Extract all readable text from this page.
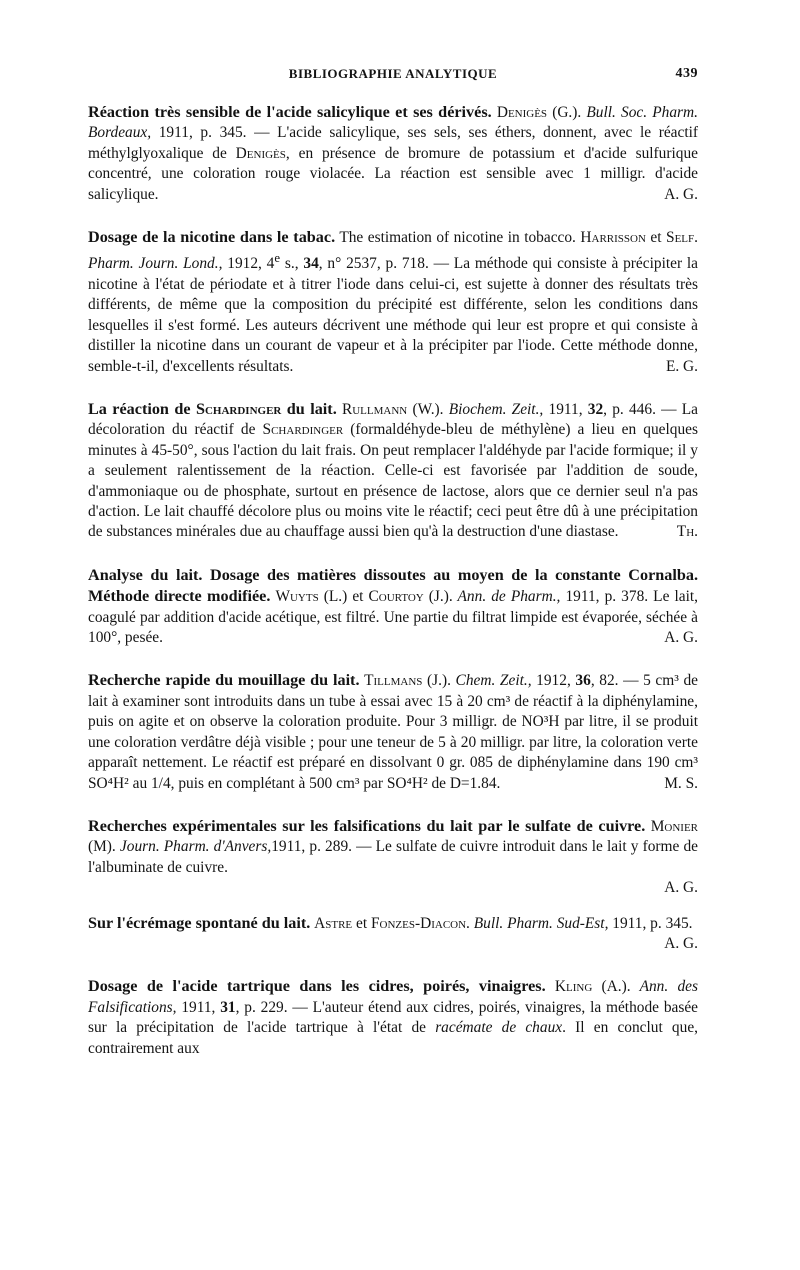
BIBLIOGRAPHIE ANALYTIQUE	439
Réaction très sensible de l'acide salicylique et ses dérivés. Denigès (G.). Bull. Soc. Pharm. Bordeaux, 1911, p. 345. — L'acide salicylique, ses sels, ses éthers, donnent, avec le réactif méthylglyoxalique de Denigès, en présence de bromure de potassium et d'acide sulfurique concentré, une coloration rouge violacée. La réaction est sensible avec 1 milligr. d'acide salicylique.	A. G.
Dosage de la nicotine dans le tabac. The estimation of nicotine in tobacco. Harrisson et Self. Pharm. Journ. Lond., 1912, 4e s., 34, n° 2537, p. 718. — La méthode qui consiste à précipiter la nicotine à l'état de périodate et à titrer l'iode dans celui-ci, est sujette à donner des résultats très différents, de même que la composition du précipité est différente, selon les conditions dans lesquelles il s'est formé. Les auteurs décrivent une méthode qui leur est propre et qui consiste à distiller la nicotine dans un courant de vapeur et à la précipiter par l'iode. Cette méthode donne, semble-t-il, d'excellents résultats.	E. G.
La réaction de Schardinger du lait. Rullmann (W.). Biochem. Zeit., 1911, 32, p. 446. — La décoloration du réactif de Schardinger (formaldéhyde-bleu de méthylène) a lieu en quelques minutes à 45-50°, sous l'action du lait frais. On peut remplacer l'aldéhyde par l'acide formique; il y a seulement ralentissement de la réaction. Celle-ci est favorisée par l'addition de soude, d'ammoniaque ou de phosphate, surtout en présence de lactose, alors que ce dernier seul n'a pas d'action. Le lait chauffé décolore plus ou moins vite le réactif; ceci peut être dû à une précipitation de substances minérales due au chauffage aussi bien qu'à la destruction d'une diastase.	Th.
Analyse du lait. Dosage des matières dissoutes au moyen de la constante Cornalba. Méthode directe modifiée. Wuyts (L.) et Courtoy (J.). Ann. de Pharm., 1911, p. 378. Le lait, coagulé par addition d'acide acétique, est filtré. Une partie du filtrat limpide est évaporée, séchée à 100°, pesée.	A. G.
Recherche rapide du mouillage du lait. Tillmans (J.). Chem. Zeit., 1912, 36, 82. — 5 cm³ de lait à examiner sont introduits dans un tube à essai avec 15 à 20 cm³ de réactif à la diphénylamine, puis on agite et on observe la coloration produite. Pour 3 milligr. de NO³H par litre, il se produit une coloration verdâtre déjà visible ; pour une teneur de 5 à 20 milligr. par litre, la coloration verte apparaît nettement. Le réactif est préparé en dissolvant 0 gr. 085 de diphénylamine dans 190 cm³ SO⁴H² au 1/4, puis en complétant à 500 cm³ par SO⁴H² de D=1.84.	M. S.
Recherches expérimentales sur les falsifications du lait par le sulfate de cuivre. Monier (M). Journ. Pharm. d'Anvers,1911, p. 289. — Le sulfate de cuivre introduit dans le lait y forme de l'albuminate de cuivre.
A. G.
Sur l'écrémage spontané du lait. Astre et Fonzes-Diacon. Bull. Pharm. Sud-Est, 1911, p. 345.
A. G.
Dosage de l'acide tartrique dans les cidres, poirés, vinaigres. Kling (A.). Ann. des Falsifications, 1911, 31, p. 229. — L'auteur étend aux cidres, poirés, vinaigres, la méthode basée sur la précipitation de l'acide tartrique à l'état de racémate de chaux. Il en conclut que, contrairement aux
